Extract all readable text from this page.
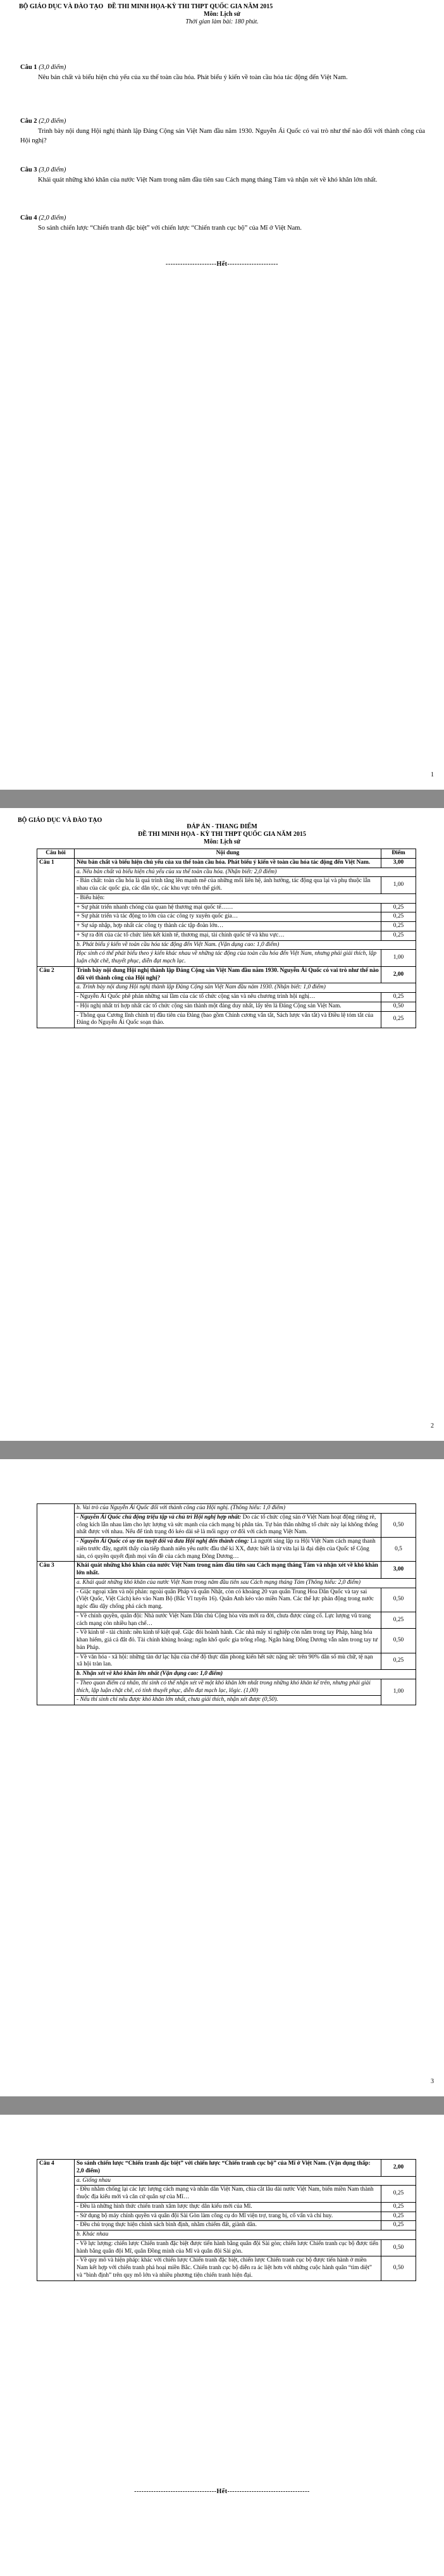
BỘ GIÁO DỤC VÀ ĐÀO TẠO ĐỀ THI MINH HỌA-KỲ THI THPT QUỐC GIA NĂM 2015
Môn: Lịch sử
Thời gian làm bài: 180 phút.
Câu 1 (3,0 điểm)

Nêu bản chất và biểu hiện chủ yếu của xu thế toàn cầu hóa. Phát biểu ý kiến về toàn cầu hóa tác động đến Việt Nam.

Câu 2 (2,0 điểm)

Trình bày nội dung Hội nghị thành lập Đảng Cộng sản Việt Nam đầu năm 1930. Nguyễn Ái Quốc có vai trò như thế nào đối với thành công của Hội nghị?

Câu 3 (3,0 điểm)

Khái quát những khó khăn của nước Việt Nam trong năm đầu tiên sau Cách mạng tháng Tám và nhận xét về khó khăn lớn nhất.

Câu 4 (2,0 điểm)

So sánh chiến lược “Chiến tranh đặc biệt” với chiến lược “Chiến tranh cục bộ” của Mĩ ở Việt Nam.

---------------------Hết---------------------
1
BỘ GIÁO DỤC VÀ ĐÀO TẠO
ĐÁP ÁN - THANG ĐIỂM
ĐỀ THI MINH HỌA - KỲ THI THPT QUỐC GIA NĂM 2015
Môn: Lịch sử
Câu hỏi	Nội dung	Điểm
Câu 1	Nêu bản chất và biểu hiện chủ yếu của xu thế toàn cầu hóa. Phát biểu ý kiến về toàn cầu hóa tác động đến Việt Nam.	3,00
	a. Nêu bản chất và biểu hiện chủ yếu của xu thế toàn cầu hóa. (Nhận biết: 2,0 điểm)	
	- Bản chất: toàn cầu hóa là quá trình tăng lên mạnh mẽ của những mối liên hệ, ảnh hưởng, tác động qua lại và phụ thuộc lẫn nhau của các quốc gia, các dân tộc, các khu vực trên thế giới.	1,00
	- Biểu hiện:	
	+ Sự phát triển nhanh chóng của quan hệ thương mại quốc tế……	0,25
	+ Sự phát triển và tác động to lớn của các công ty xuyên quốc gia…	0,25
	+ Sự sáp nhập, hợp nhất các công ty thành các tập đoàn lớn…	0,25
	+ Sự ra đời của các tổ chức liên kết kinh tế, thương mại, tài chính quốc tế và khu vực…	0,25
	b. Phát biểu ý kiến về toàn cầu hóa tác động đến Việt Nam. (Vận dụng cao: 1,0 điểm)	
	Học sinh có thể phát biểu theo ý kiến khác nhau về những tác động của toàn cầu hóa đến Việt Nam, nhưng phải giải thích, lập luận chặt chẽ, thuyết phục, diễn đạt mạch lạc.	1,00
Câu 2	Trình bày nội dung Hội nghị thành lập Đảng Cộng sản Việt Nam đầu năm 1930. Nguyễn Ái Quốc có vai trò như thế nào đối với thành công của Hội nghị?	2,00
	a. Trình bày nội dung Hội nghị thành lập Đảng Cộng sản Việt Nam đầu năm 1930. (Nhận biết: 1,0 điểm)	
	- Nguyễn Ái Quốc phê phán những sai lầm của các tổ chức cộng sản và nêu chương trình hội nghị…	0,25
	- Hội nghị nhất trí hợp nhất các tổ chức cộng sản thành một đảng duy nhất, lấy tên là Đảng Cộng sản Việt Nam.	0,50
	- Thông qua Cương lĩnh chính trị đầu tiên của Đảng (bao gồm Chính cương vắn tắt, Sách lược vắn tắt) và Điều lệ tóm tắt của Đảng do Nguyễn Ái Quốc soạn thảo.	0,25
2
	b. Vai trò của Nguyễn Ái Quốc đối với thành công của Hội nghị. (Thông hiểu: 1,0 điểm)	
	- Nguyễn Ái Quốc chủ động triệu tập và chủ trì Hội nghị hợp nhất: Do các tổ chức cộng sản ở Việt Nam hoạt động riêng rẽ, công kích lẫn nhau làm cho lực lượng và sức mạnh của cách mạng bị phân tán. Tự bản thân những tổ chức này lại không thống nhất được với nhau. Nếu để tình trạng đó kéo dài sẽ là mối nguy cơ đối với cách mạng Việt Nam.	0,50
	- Nguyễn Ái Quốc có uy tín tuyệt đối và đưa Hội nghị đến thành công: Là người sáng lập ra Hội Việt Nam cách mạng thanh niên trước đây, người thấy của tiếp thanh niên yêu nước đầu thế kỉ XX, được biết là từ vừa lại là đại diện của Quốc tế Cộng sản, có quyền quyết định mọi vấn đề của cách mạng Đông Dương…	0,5
Câu 3	Khái quát những khó khăn của nước Việt Nam trong năm đầu tiên sau Cách mạng tháng Tám và nhận xét về khó khăn lớn nhất.	3,00
	a. Khái quát những khó khăn của nước Việt Nam trong năm đầu tiên sau Cách mạng tháng Tám (Thông hiểu: 2,0 điểm)	
	- Giặc ngoại xâm và nội phản: ngoài quân Pháp và quân Nhật, còn có khoảng 20 vạn quân Trung Hoa Dân Quốc và tay sai (Việt Quốc, Việt Cách) kéo vào Nam Bộ (Bắc Vĩ tuyến 16). Quân Anh kéo vào miền Nam. Các thế lực phản động trong nước ngóc đầu dậy chống phá cách mạng.	0,50
	- Về chính quyền, quân đội: Nhà nước Việt Nam Dân chủ Cộng hòa vừa mới ra đời, chưa được củng cố. Lực lượng vũ trang cách mạng còn nhiều hạn chế…	0,25
	- Về kinh tế - tài chính: nền kinh tế kiệt quệ. Giặc đói hoành hành. Các nhà máy xí nghiệp còn nằm trong tay Pháp, hàng hóa khan hiếm, giá cả đắt đỏ. Tài chính khủng hoảng: ngân khố quốc gia trống rỗng. Ngân hàng Đông Dương vẫn nằm trong tay tư bản Pháp.	0,50
	- Về văn hóa - xã hội: những tàn dư lạc hậu của chế độ thực dân phong kiến hết sức nặng nề: trên 90% dân số mù chữ, tệ nạn xã hội tràn lan.	0,25
	b. Nhận xét về khó khăn lớn nhất (Vận dụng cao: 1,0 điểm)	
	- Theo quan điểm cá nhân, thí sinh có thể nhận xét về một khó khăn lớn nhất trong những khó khăn kể trên, nhưng phải giải thích, lập luận chặt chẽ, có tính thuyết phục, diễn đạt mạch lạc, lôgic. (1,00)	1,00
	- Nếu thí sinh chỉ nêu được khó khăn lớn nhất, chưa giải thích, nhận xét được (0,50).	
3
Câu 4	So sánh chiến lược “Chiến tranh đặc biệt” với chiến lược “Chiến tranh cục bộ” của Mĩ ở Việt Nam. (Vận dụng thấp: 2,0 điểm)	2,00
	a. Giống nhau	
	- Đều nhằm chống lại các lực lượng cách mạng và nhân dân Việt Nam, chia cắt lâu dài nước Việt Nam, biến miền Nam thành thuộc địa kiểu mới và căn cứ quân sự của Mĩ…	0,25
	- Đều là những hình thức chiến tranh xâm lược thực dân kiểu mới của Mĩ.	0,25
	- Sử dụng bộ máy chính quyền và quân đội Sài Gòn làm công cụ do Mĩ viện trợ, trang bị, cố vấn và chỉ huy.	0,25
	- Đều chủ trọng thực hiện chính sách bình định, nhằm chiếm đất, giành dân.	0,25
	b. Khác nhau	
	- Về lực lượng: chiến lược Chiến tranh đặc biệt được tiến hành bằng quân đội Sài gòn; chiến lược Chiến tranh cục bộ được tiến hành bằng quân đội Mĩ, quân Đồng minh của Mĩ và quân đội Sài gòn.	0,50
	- Về quy mô và hiện pháp: khác với chiến lược Chiến tranh đặc biệt, chiến lược Chiến tranh cục bộ được tiến hành ở miền Nam kết hợp với chiến tranh phá hoại miền Bắc. Chiến tranh cục bộ diễn ra ác liệt hơn với những cuộc hành quân “tìm diệt” và “bình định” trên quy mô lớn và nhiều phương tiện chiến tranh hiện đại.	0,50
----------------------------------Hết----------------------------------
